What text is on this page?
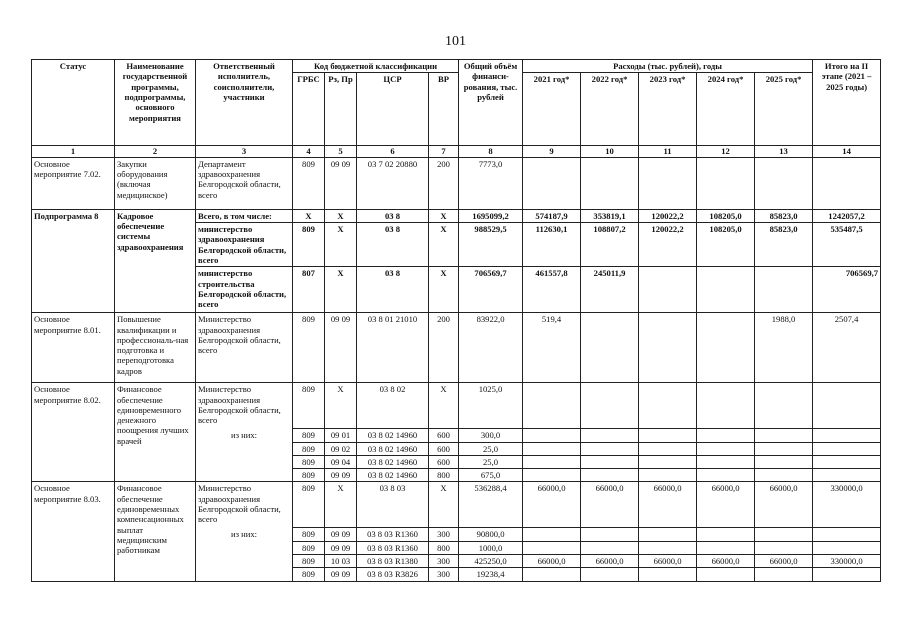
101
Статус	Наименование государственной программы, подпрограммы, основного мероприятия	Ответственный исполнитель, соисполнители, участники	Код бюджетной классификации				Общий объём финанси-рования, тыс. рублей	Расходы (тыс. рублей), годы					Итого на II этапе (2021 – 2025 годы)
			ГРБС	Рз, Пр	ЦСР	ВР		2021 год*	2022 год*	2023 год*	2024 год*	2025 год*	
1	2	3	4	5	6	7	8	9	10	11	12	13	14
Основное мероприятие 7.02.	Закупки оборудования (включая медицинское)	Департамент здравоохранения Белгородской области, всего	809	09 09	03 7 02 20880	200	7773,0						
Подпрограмма 8	Кадровое обеспечение системы здравоохранения	Всего, в том числе:	X	X	03 8	X	1695099,2	574187,9	353819,1	120022,2	108205,0	85823,0	1242057,2
		министерство здравоохранения Белгородской области, всего	809	X	03 8	X	988529,5	112630,1	108807,2	120022,2	108205,0	85823,0	535487,5
		министерство строительства Белгородской области, всего	807	X	03 8	X	706569,7	461557,8	245011,9				706569,7
Основное мероприятие 8.01.	Повышение квалификации и профессиональ-ная подготовка и переподготовка кадров	Министерство здравоохранения Белгородской области, всего	809	09 09	03 8 01 21010	200	83922,0	519,4				1988,0	2507,4
Основное мероприятие 8.02.	Финансовое обеспечение единовременного денежного поощрения лучших врачей	Министерство здравоохранения Белгородской области, всего	809	X	03 8 02	X	1025,0						
		из них:	809	09 01	03 8 02 14960	600	300,0						
			809	09 02	03 8 02 14960	600	25,0						
			809	09 04	03 8 02 14960	600	25,0						
			809	09 09	03 8 02 14960	800	675,0						
Основное мероприятие 8.03.	Финансовое обеспечение единовременных компенсационных выплат медицинским работникам	Министерство здравоохранения Белгородской области, всего	809	X	03 8 03	X	536288,4	66000,0	66000,0	66000,0	66000,0	66000,0	330000,0
		из них:	809	09 09	03 8 03 R1360	300	90800,0						
			809	09 09	03 8 03 R1360	800	1000,0						
			809	10 03	03 8 03 R1380	300	425250,0	66000,0	66000,0	66000,0	66000,0	66000,0	330000,0
			809	09 09	03 8 03 R3826	300	19238,4						
